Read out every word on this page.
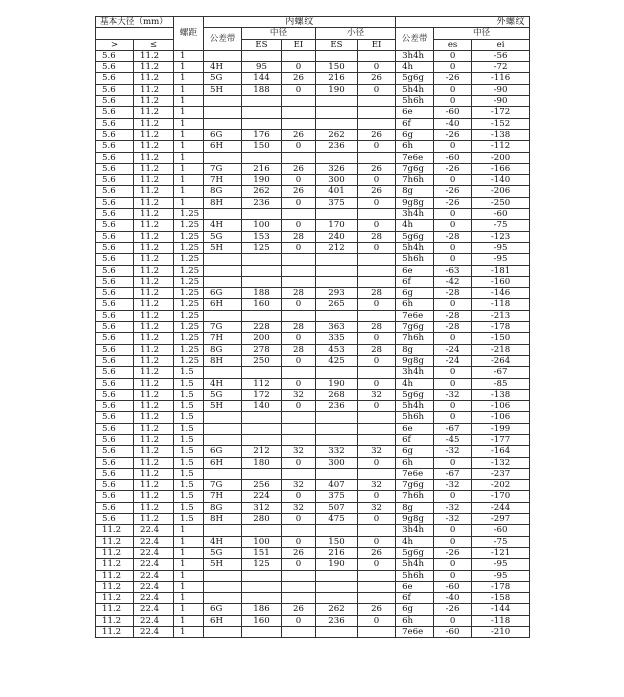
基本大径（mm）		螺距	内螺纹					外螺纹		
			公差带	中径		小径		公差带	中径	
>	≤			ES	EI	ES	EI		es	ei
5.6	11.2	1						3h4h	0	-56
5.6	11.2	1	4H	95	0	150	0	4h	0	-72
5.6	11.2	1	5G	144	26	216	26	5g6g	-26	-116
5.6	11.2	1	5H	188	0	190	0	5h4h	0	-90
5.6	11.2	1						5h6h	0	-90
5.6	11.2	1						6e	-60	-172
5.6	11.2	1						6f	-40	-152
5.6	11.2	1	6G	176	26	262	26	6g	-26	-138
5.6	11.2	1	6H	150	0	236	0	6h	0	-112
5.6	11.2	1						7e6e	-60	-200
5.6	11.2	1	7G	216	26	326	26	7g6g	-26	-166
5.6	11.2	1	7H	190	0	300	0	7h6h	0	-140
5.6	11.2	1	8G	262	26	401	26	8g	-26	-206
5.6	11.2	1	8H	236	0	375	0	9g8g	-26	-250
5.6	11.2	1.25						3h4h	0	-60
5.6	11.2	1.25	4H	100	0	170	0	4h	0	-75
5.6	11.2	1.25	5G	153	28	240	28	5g6g	-28	-123
5.6	11.2	1.25	5H	125	0	212	0	5h4h	0	-95
5.6	11.2	1.25						5h6h	0	-95
5.6	11.2	1.25						6e	-63	-181
5.6	11.2	1.25						6f	-42	-160
5.6	11.2	1.25	6G	188	28	293	28	6g	-28	-146
5.6	11.2	1.25	6H	160	0	265	0	6h	0	-118
5.6	11.2	1.25						7e6e	-28	-213
5.6	11.2	1.25	7G	228	28	363	28	7g6g	-28	-178
5.6	11.2	1.25	7H	200	0	335	0	7h6h	0	-150
5.6	11.2	1.25	8G	278	28	453	28	8g	-24	-218
5.6	11.2	1.25	8H	250	0	425	0	9g8g	-24	-264
5.6	11.2	1.5						3h4h	0	-67
5.6	11.2	1.5	4H	112	0	190	0	4h	0	-85
5.6	11.2	1.5	5G	172	32	268	32	5g6g	-32	-138
5.6	11.2	1.5	5H	140	0	236	0	5h4h	0	-106
5.6	11.2	1.5						5h6h	0	-106
5.6	11.2	1.5						6e	-67	-199
5.6	11.2	1.5						6f	-45	-177
5.6	11.2	1.5	6G	212	32	332	32	6g	-32	-164
5.6	11.2	1.5	6H	180	0	300	0	6h	0	-132
5.6	11.2	1.5						7e6e	-67	-237
5.6	11.2	1.5	7G	256	32	407	32	7g6g	-32	-202
5.6	11.2	1.5	7H	224	0	375	0	7h6h	0	-170
5.6	11.2	1.5	8G	312	32	507	32	8g	-32	-244
5.6	11.2	1.5	8H	280	0	475	0	9g8g	-32	-297
11.2	22.4	1						3h4h	0	-60
11.2	22.4	1	4H	100	0	150	0	4h	0	-75
11.2	22.4	1	5G	151	26	216	26	5g6g	-26	-121
11.2	22.4	1	5H	125	0	190	0	5h4h	0	-95
11.2	22.4	1						5h6h	0	-95
11.2	22.4	1						6e	-60	-178
11.2	22.4	1						6f	-40	-158
11.2	22.4	1	6G	186	26	262	26	6g	-26	-144
11.2	22.4	1	6H	160	0	236	0	6h	0	-118
11.2	22.4	1						7e6e	-60	-210
